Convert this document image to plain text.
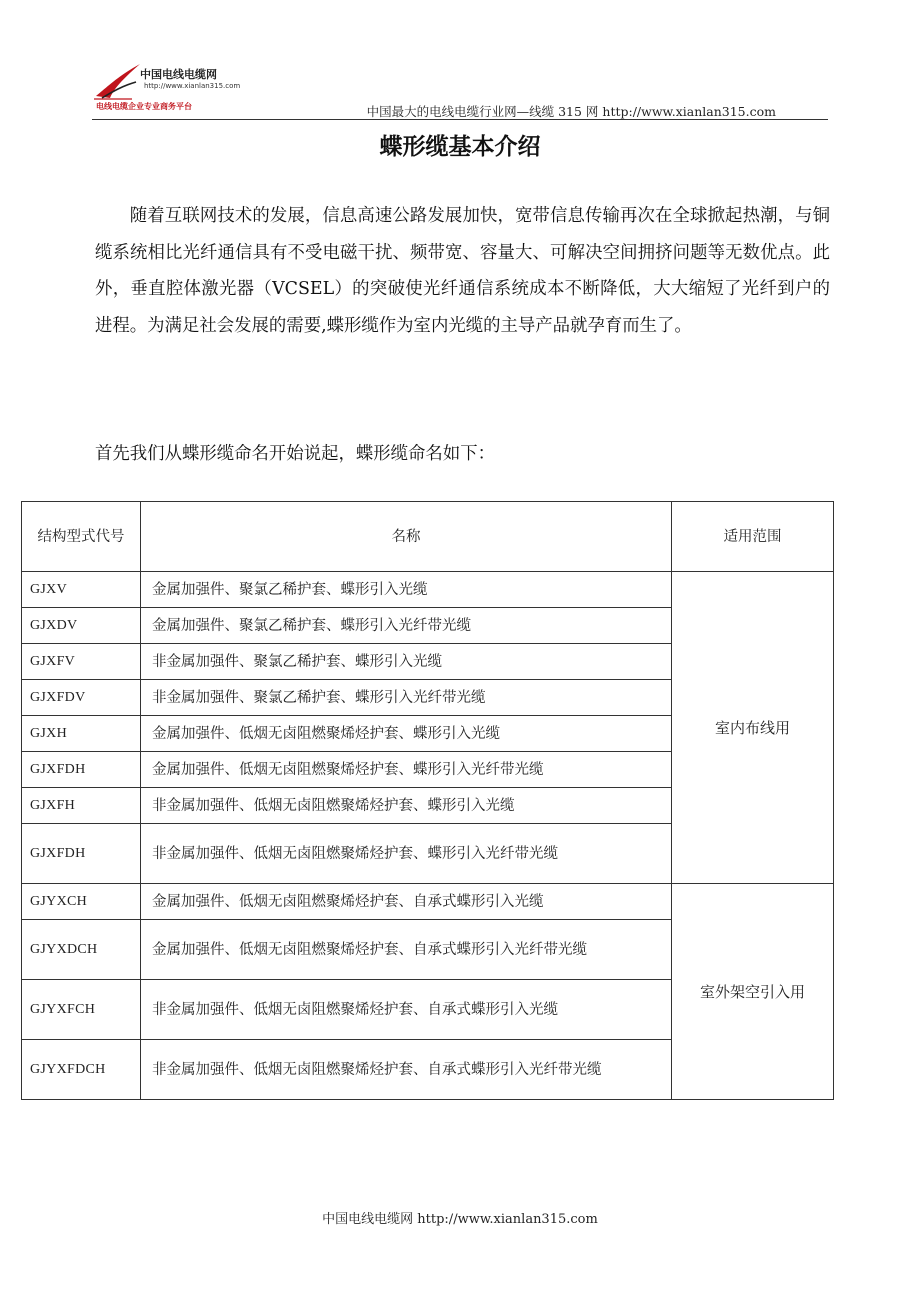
中国电线电缆网
http://www.xianlan315.com
电线电缆企业专业商务平台	中国最大的电线电缆行业网—线缆 315 网 http://www.xianlan315.com
蝶形缆基本介绍

随着互联网技术的发展，信息高速公路发展加快，宽带信息传输再次在全球掀起热潮，与铜缆系统相比光纤通信具有不受电磁干扰、频带宽、容量大、可解决空间拥挤问题等无数优点。此外，垂直腔体激光器（VCSEL）的突破使光纤通信系统成本不断降低，大大缩短了光纤到户的进程。为满足社会发展的需要,蝶形缆作为室内光缆的主导产品就孕育而生了。

首先我们从蝶形缆命名开始说起，蝶形缆命名如下：

结构型式代号	名称	适用范围
GJXV	金属加强件、聚氯乙稀护套、蝶形引入光缆	室内布线用
GJXDV	金属加强件、聚氯乙稀护套、蝶形引入光纤带光缆	
GJXFV	非金属加强件、聚氯乙稀护套、蝶形引入光缆	
GJXFDV	非金属加强件、聚氯乙稀护套、蝶形引入光纤带光缆	
GJXH	金属加强件、低烟无卤阻燃聚烯烃护套、蝶形引入光缆	
GJXFDH	金属加强件、低烟无卤阻燃聚烯烃护套、蝶形引入光纤带光缆	
GJXFH	非金属加强件、低烟无卤阻燃聚烯烃护套、蝶形引入光缆	
GJXFDH	非金属加强件、低烟无卤阻燃聚烯烃护套、蝶形引入光纤带光缆	
GJYXCH	金属加强件、低烟无卤阻燃聚烯烃护套、自承式蝶形引入光缆	室外架空引入用
GJYXDCH	金属加强件、低烟无卤阻燃聚烯烃护套、自承式蝶形引入光纤带光缆	
GJYXFCH	非金属加强件、低烟无卤阻燃聚烯烃护套、自承式蝶形引入光缆	
GJYXFDCH	非金属加强件、低烟无卤阻燃聚烯烃护套、自承式蝶形引入光纤带光缆	
中国电线电缆网 http://www.xianlan315.com
